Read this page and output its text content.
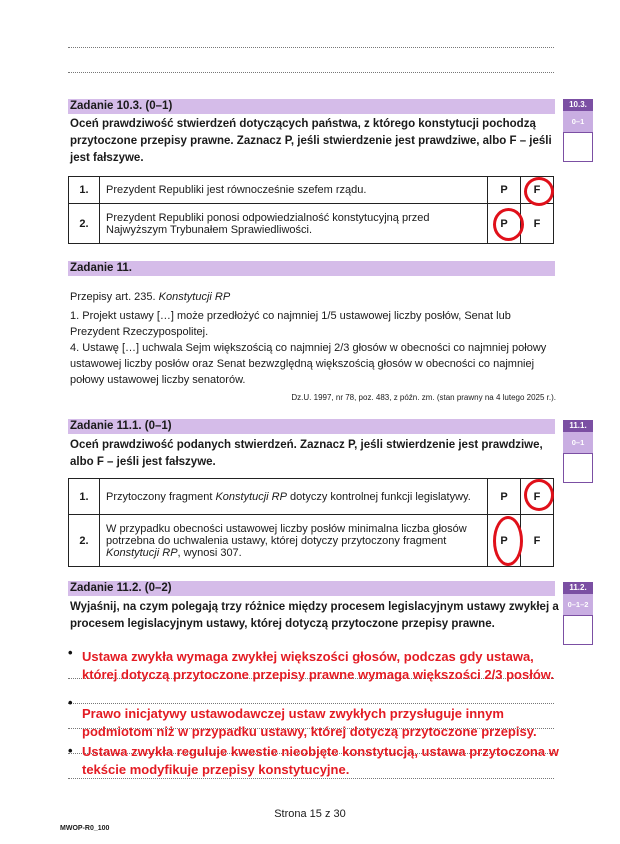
Zadanie 10.3. (0–1)	10.3.
0–1
Oceń prawdziwość stwierdzeń dotyczących państwa, z którego konstytucji pochodzą przytoczone przepisy prawne. Zaznacz P, jeśli stwierdzenie jest prawdziwe, albo F – jeśli jest fałszywe.
1.	Prezydent Republiki jest równocześnie szefem rządu.	P	F
2.	Prezydent Republiki ponosi odpowiedzialność konstytucyjną przed Najwyższym Trybunałem Sprawiedliwości.	P	F
Zadanie 11.
Przepisy art. 235. Konstytucji RP
1. Projekt ustawy […] może przedłożyć co najmniej 1/5 ustawowej liczby posłów, Senat lub Prezydent Rzeczypospolitej.
4. Ustawę […] uchwala Sejm większością co najmniej 2/3 głosów w obecności co najmniej połowy ustawowej liczby posłów oraz Senat bezwzględną większością głosów w obecności co najmniej połowy ustawowej liczby senatorów.
Dz.U. 1997, nr 78, poz. 483, z późn. zm. (stan prawny na 4 lutego 2025 r.).
Zadanie 11.1. (0–1)	11.1.
0–1
Oceń prawdziwość podanych stwierdzeń. Zaznacz P, jeśli stwierdzenie jest prawdziwe, albo F – jeśli jest fałszywe.
1.	Przytoczony fragment Konstytucji RP dotyczy kontrolnej funkcji legislatywy.	P	F
2.	W przypadku obecności ustawowej liczby posłów minimalna liczba głosów potrzebna do uchwalenia ustawy, której dotyczy przytoczony fragment Konstytucji RP, wynosi 307.	P	F
Zadanie 11.2. (0–2)	11.2.
0–1–2
Wyjaśnij, na czym polegają trzy różnice między procesem legislacyjnym ustawy zwykłej a procesem legislacyjnym ustawy, której dotyczą przytoczone przepisy prawne.
•
•
•
Ustawa zwykła wymaga zwykłej większości głosów, podczas gdy ustawa, której dotyczą przytoczone przepisy prawne wymaga większości 2/3 posłów.
Prawo inicjatywy ustawodawczej ustaw zwykłych przysługuje innym podmiotom niż w przypadku ustawy, której dotyczą przytoczone przepisy.
Ustawa zwykła reguluje kwestie nieobjęte konstytucją, ustawa przytoczona w tekście modyfikuje przepisy konstytucyjne.
Strona 15 z 30
MWOP-R0_100
